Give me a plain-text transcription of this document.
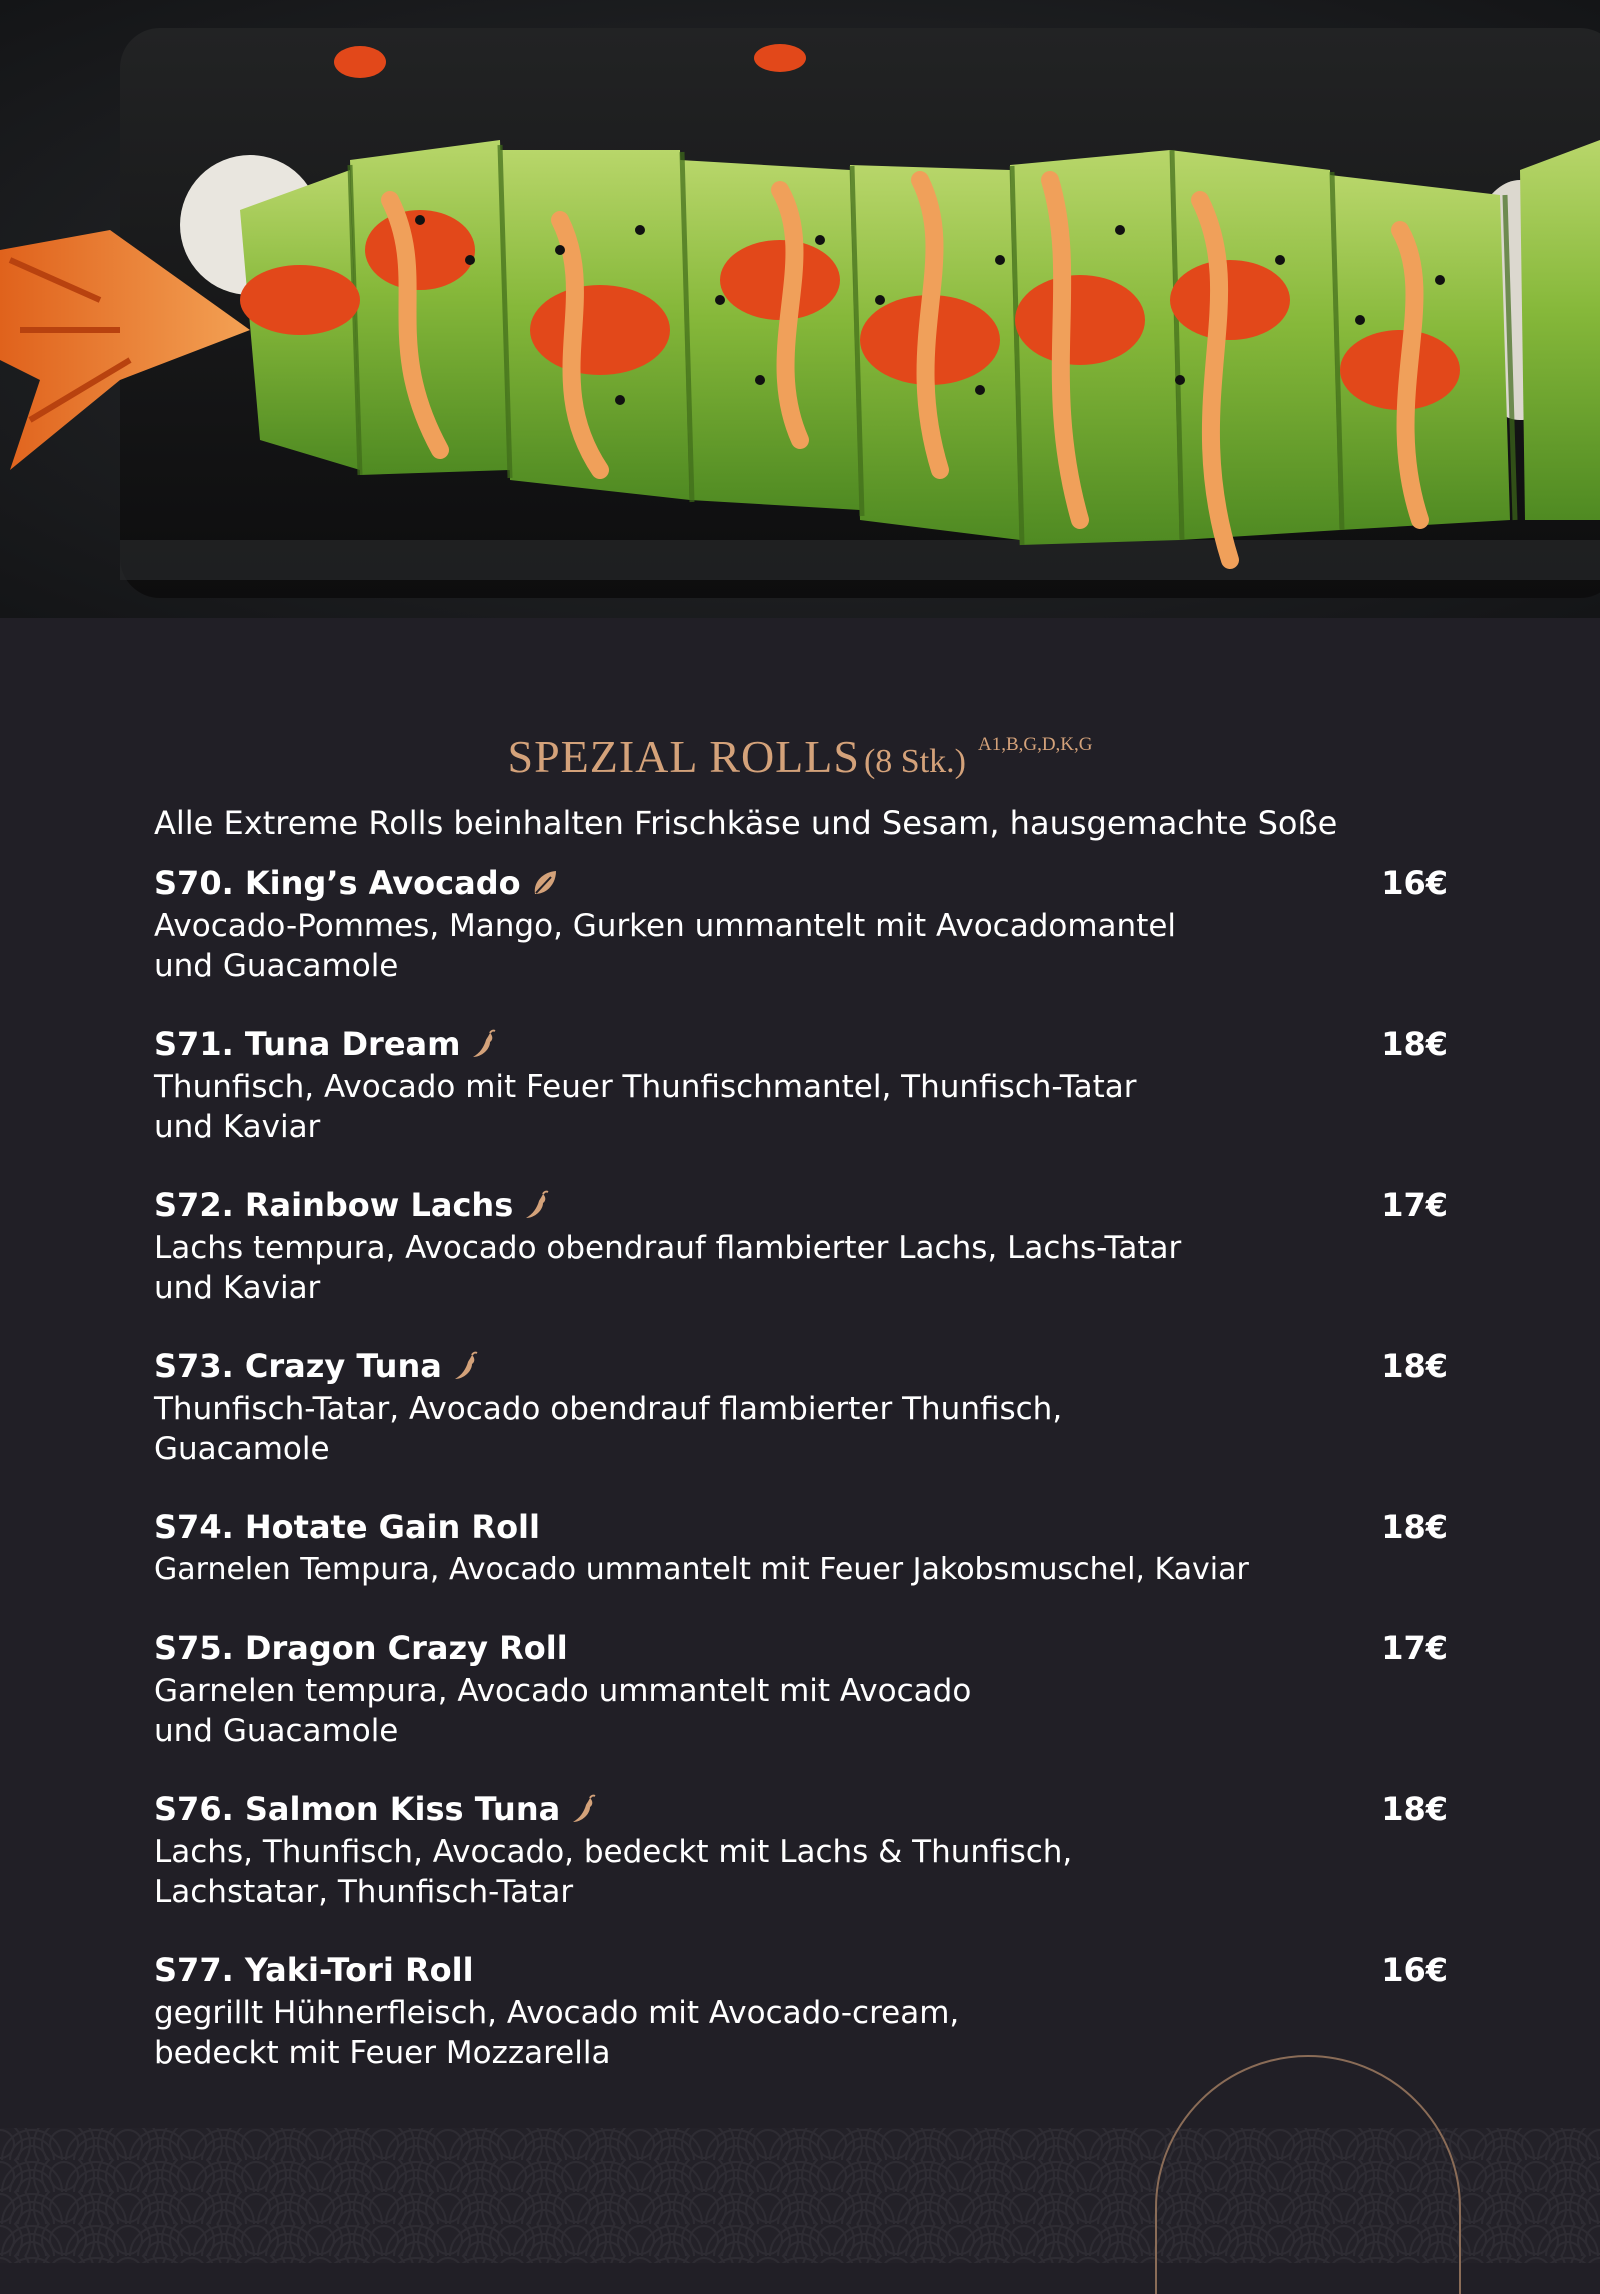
SPEZIAL ROLLS (8 Stk.) A1,B,G,D,K,G
Alle Extreme Rolls beinhalten Frischkäse und Sesam, hausgemachte Soße
S70. King’s Avocado	16€
Avocado-Pommes, Mango, Gurken ummantelt mit Avocadomantel
und Guacamole
S71. Tuna Dream	18€
Thunfisch, Avocado mit Feuer Thunfischmantel, Thunfisch-Tatar
und Kaviar
S72. Rainbow Lachs	17€
Lachs tempura, Avocado obendrauf flambierter Lachs, Lachs-Tatar
und Kaviar
S73. Crazy Tuna	18€
Thunfisch-Tatar, Avocado obendrauf flambierter Thunfisch,
Guacamole
S74. Hotate Gain Roll	18€
Garnelen Tempura, Avocado ummantelt mit Feuer Jakobsmuschel, Kaviar
S75. Dragon Crazy Roll	17€
Garnelen tempura, Avocado ummantelt mit Avocado
und Guacamole
S76. Salmon Kiss Tuna	18€
Lachs, Thunfisch, Avocado, bedeckt mit Lachs & Thunfisch,
Lachstatar, Thunfisch-Tatar
S77. Yaki-Tori Roll	16€
gegrillt Hühnerfleisch, Avocado mit Avocado-cream,
bedeckt mit Feuer Mozzarella
